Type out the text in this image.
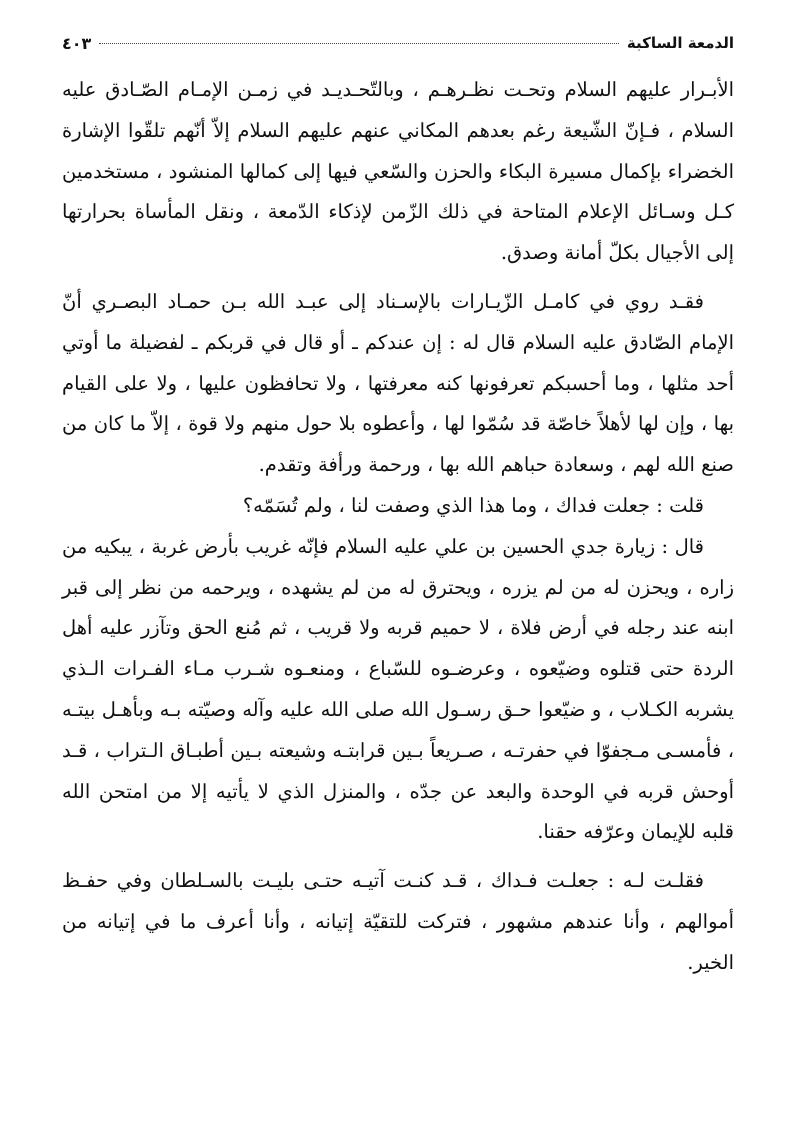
الدمعة الساكبة
٤٠٣

الأبـرار عليهم السلام وتحـت نظـرهـم ، وبالتّحـديـد في زمـن الإمـام الصّـادق عليه السلام ، فـإنّ الشّيعة رغم بعدهم المكاني عنهم عليهم السلام إلاّ أنّهم تلقّوا الإشارة الخضراء بإكمال مسيرة البكاء والحزن والسّعي فيها إلى كمالها المنشود ، مستخدمين كـل وسـائل الإعلام المتاحة في ذلك الزّمن لإذكاء الدّمعة ، ونقل المأساة بحرارتها إلى الأجيال بكلّ أمانة وصدق.

فقـد روي في كامـل الزّيـارات بالإسـناد إلى عبـد الله بـن حمـاد البصـري أنّ الإمام الصّادق عليه السلام قال له : إن عندكم ـ أو قال في قربكم ـ لفضيلة ما أوتي أحد مثلها ، وما أحسبكم تعرفونها كنه معرفتها ، ولا تحافظون عليها ، ولا على القيام بها ، وإن لها لأهلاً خاصّة قد سُمّوا لها ، وأعطوه بلا حول منهم ولا قوة ، إلاّ ما كان من صنع الله لهم ، وسعادة حباهم الله بها ، ورحمة ورأفة وتقدم.

قلت : جعلت فداك ، وما هذا الذي وصفت لنا ، ولم تُسَمّه؟

قال : زيارة جدي الحسين بن علي عليه السلام فإنّه غريب بأرض غربة ، يبكيه من زاره ، ويحزن له من لم يزره ، ويحترق له من لم يشهده ، ويرحمه من نظر إلى قبر ابنه عند رجله في أرض فلاة ، لا حميم قربه ولا قريب ، ثم مُنع الحق وتآزر عليه أهل الردة حتى قتلوه وضيّعوه ، وعرضـوه للسّباع ، ومنعـوه شـرب مـاء الفـرات الـذي يشربه الكـلاب ، و ضيّعوا حـق رسـول الله صلى الله عليه وآله وصيّته بـه وبأهـل بيتـه ، فأمسـى مـجفوّا في حفرتـه ، صـريعاً بـين قرابتـه وشيعته بـين أطبـاق الـتراب ، قـد أوحش قربه في الوحدة والبعد عن جدّه ، والمنزل الذي لا يأتيه إلا من امتحن الله قلبه للإيمان وعرّفه حقنا.

فقلـت لـه : جعلـت فـداك ، قـد كنـت آتيـه حتـى بليـت بالسـلطان وفي حفـظ أموالهم ، وأنا عندهم مشهور ، فتركت للتقيّة إتيانه ، وأنا أعرف ما في إتيانه من الخير.
